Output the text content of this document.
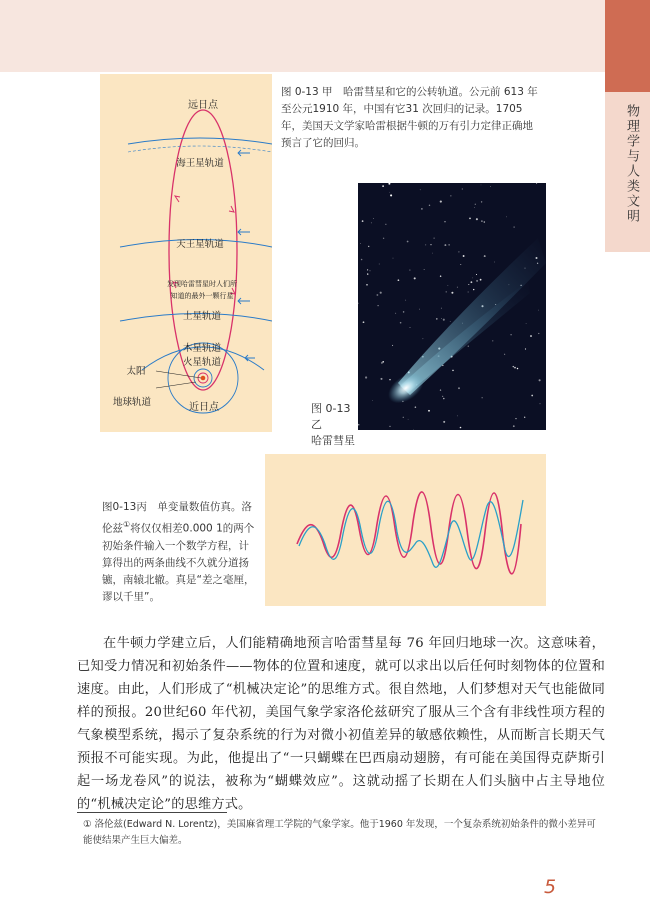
物理学与人类文明
远日点
海王星轨道
天王星轨道
发现哈雷彗星时人们所
知道的最外一颗行星
土星轨道
木星轨道
火星轨道
太阳
地球轨道	近日点
图 0-13 甲　哈雷彗星和它的公转轨道。公元前 613 年至公元1910 年，中国有它31 次回归的记录。1705 年，美国天文学家哈雷根据牛顿的万有引力定律正确地预言了它的回归。
图 0-13 乙
哈雷彗星
图0-13丙　单变量数值仿真。洛伦兹①将仅仅相差0.000 1的两个初始条件输入一个数学方程，计算得出的两条曲线不久就分道扬镳，南辕北辙。真是“差之毫厘，谬以千里”。

在牛顿力学建立后，人们能精确地预言哈雷彗星每 76 年回归地球一次。这意味着，已知受力情况和初始条件——物体的位置和速度，就可以求出以后任何时刻物体的位置和速度。由此，人们形成了“机械决定论”的思维方式。很自然地，人们梦想对天气也能做同样的预报。20世纪60 年代初，美国气象学家洛伦兹研究了服从三个含有非线性项方程的气象模型系统，揭示了复杂系统的行为对微小初值差异的敏感依赖性，从而断言长期天气预报不可能实现。为此，他提出了“一只蝴蝶在巴西扇动翅膀，有可能在美国得克萨斯引起一场龙卷风”的说法，被称为“蝴蝶效应”。这就动摇了长期在人们头脑中占主导地位的“机械决定论”的思维方式。

① 洛伦兹(Edward N. Lorentz)，美国麻省理工学院的气象学家。他于1960 年发现，一个复杂系统初始条件的微小差异可能使结果产生巨大偏差。
5
